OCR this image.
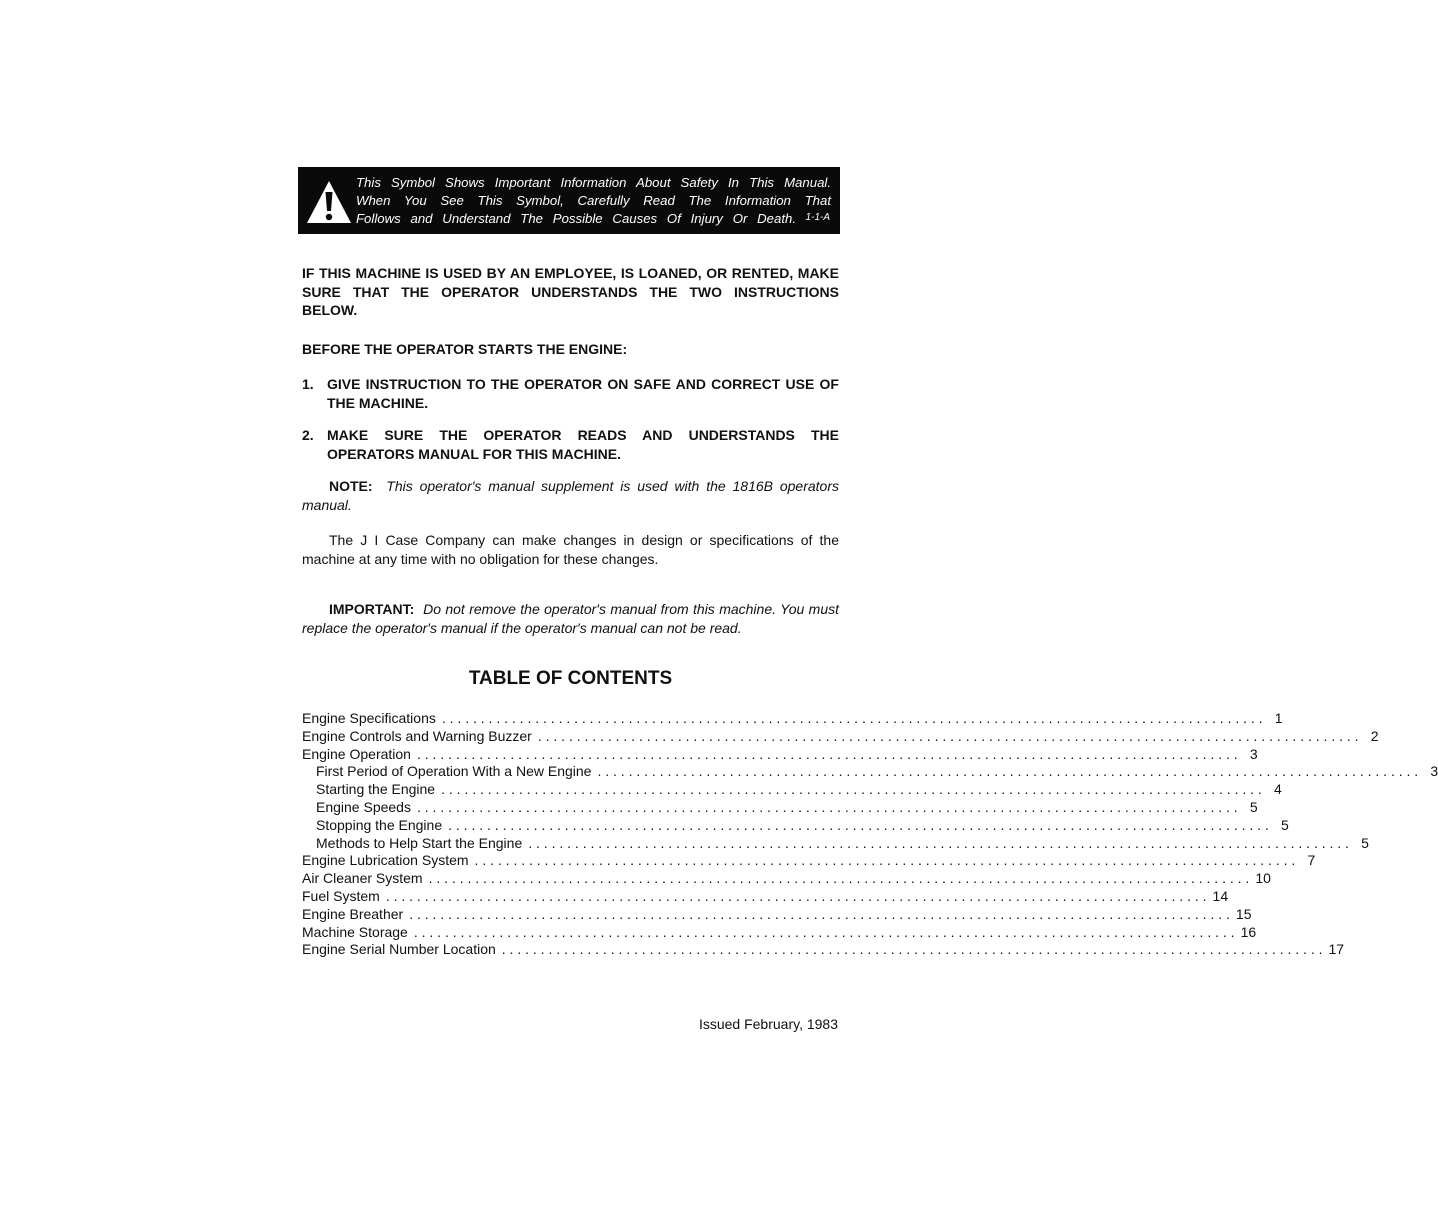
This Symbol Shows Important Information About Safety In This Manual.
When You See This Symbol, Carefully Read The Information That
Follows and Understand The Possible Causes Of Injury Or Death. 1-1-A
IF THIS MACHINE IS USED BY AN EMPLOYEE, IS LOANED, OR RENTED, MAKE SURE THAT THE OPERATOR UNDERSTANDS THE TWO INSTRUCTIONS BELOW.
BEFORE THE OPERATOR STARTS THE ENGINE:
1. GIVE INSTRUCTION TO THE OPERATOR ON SAFE AND CORRECT USE OF THE MACHINE.
2. MAKE SURE THE OPERATOR READS AND UNDERSTANDS THE OPERATORS MANUAL FOR THIS MACHINE.
NOTE: This operator's manual supplement is used with the 1816B operators manual.
The J I Case Company can make changes in design or specifications of the machine at any time with no obligation for these changes.
IMPORTANT: Do not remove the operator's manual from this machine. You must replace the operator's manual if the operator's manual can not be read.
TABLE OF CONTENTS
Engine Specifications . . .	1
Engine Controls and Warning Buzzer . . .	2
Engine Operation . . .	3
First Period of Operation With a New Engine . . .	3
Starting the Engine . . .	4
Engine Speeds . . .	5
Stopping the Engine . . .	5
Methods to Help Start the Engine . . .	5
Engine Lubrication System . . .	7
Air Cleaner System . . .	10
Fuel System . . .	14
Engine Breather . . .	15
Machine Storage . . .	16
Engine Serial Number Location . . .	17
Issued February, 1983
